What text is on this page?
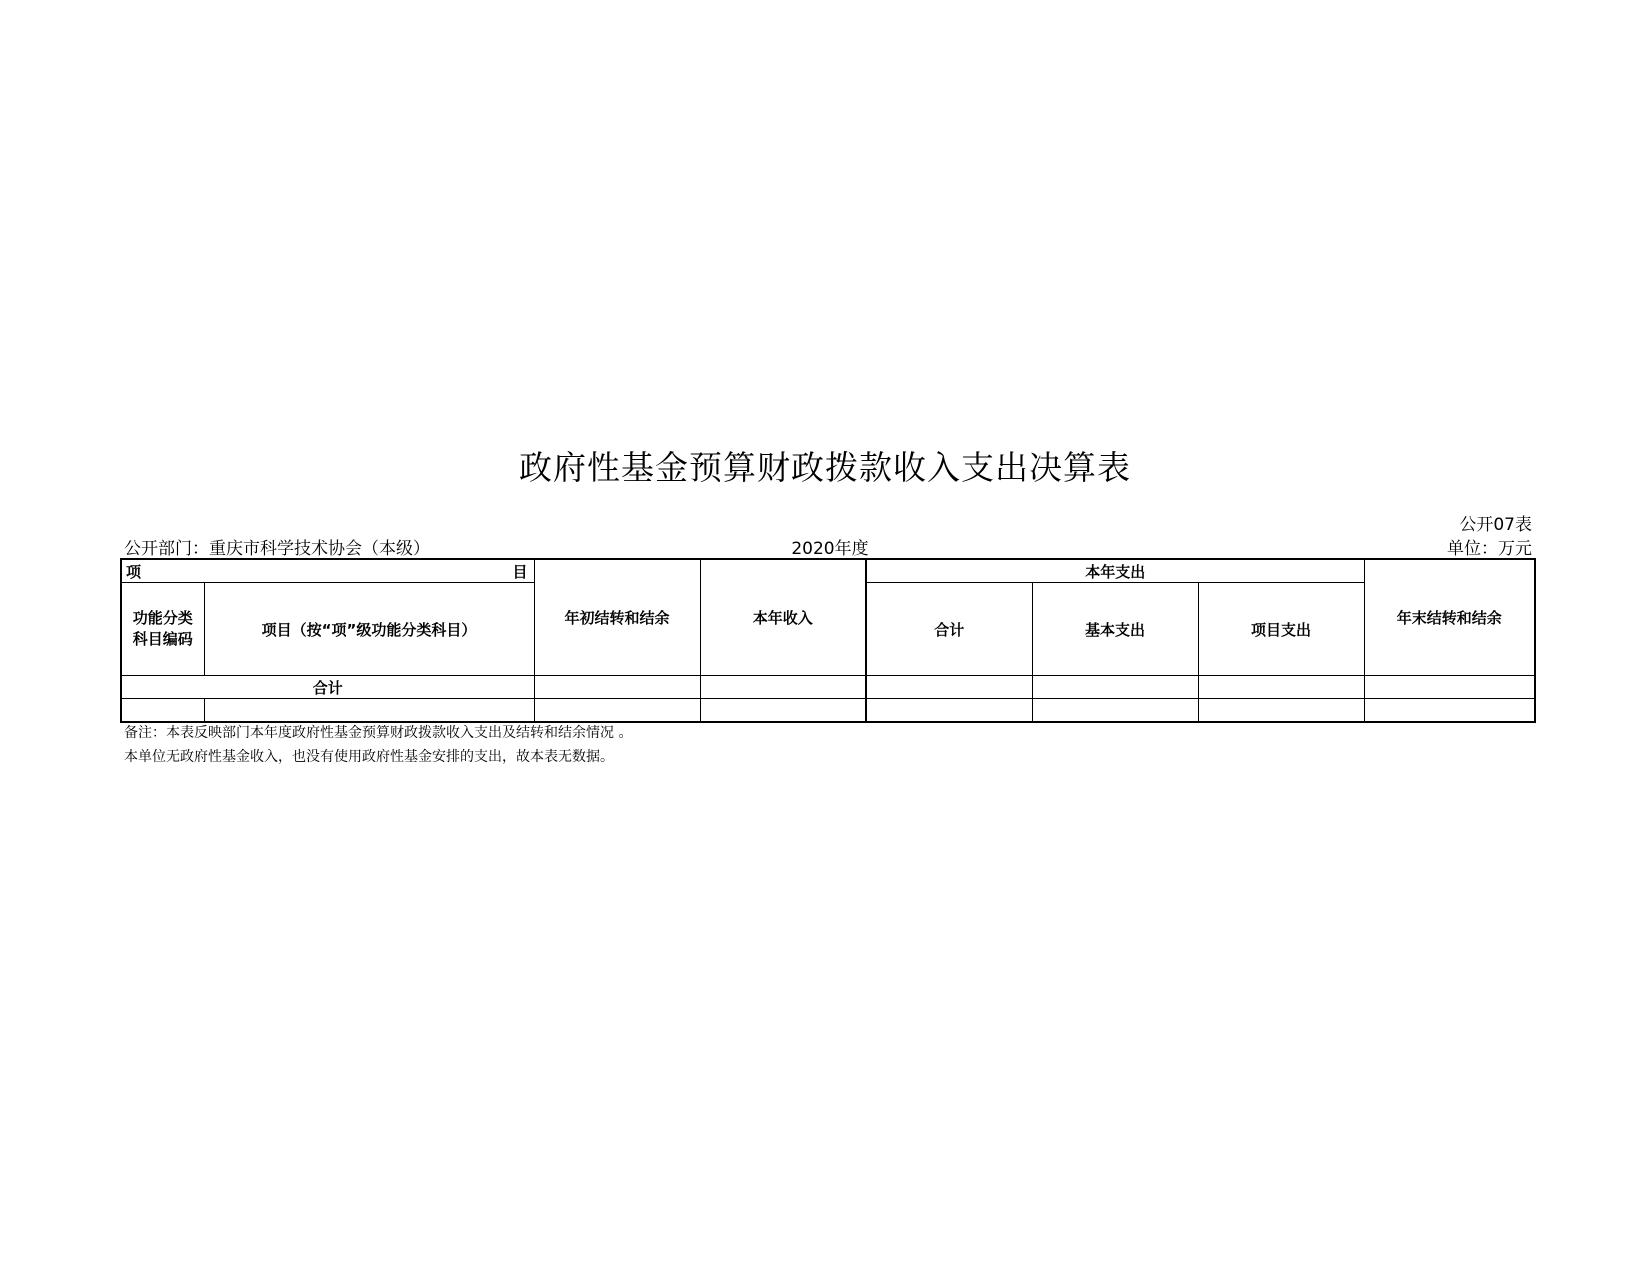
政府性基金预算财政拨款收入支出决算表
公开07表
公开部门：重庆市科学技术协会（本级）	2020年度	单位：万元
项 目		年初结转和结余	本年收入	本年支出			年末结转和结余

功能分类
科目编码	项目（按“项”级功能分类科目）			合计	基本支出	项目支出	
合计							

备注：本表反映部门本年度政府性基金预算财政拨款收入支出及结转和结余情况 。
本单位无政府性基金收入，也没有使用政府性基金安排的支出，故本表无数据。
